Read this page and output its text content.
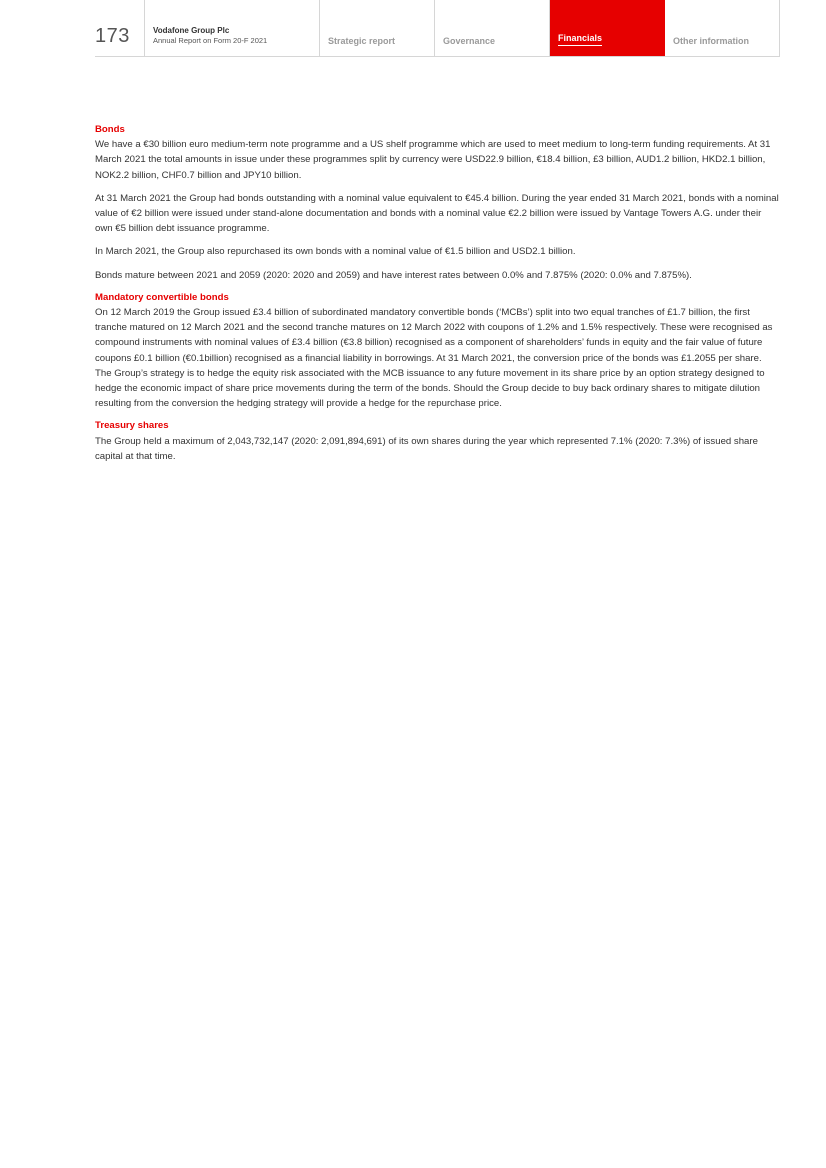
173	Vodafone Group Plc
Annual Report on Form 20-F 2021	Strategic report	Governance	Financials	Other information
Bonds

We have a €30 billion euro medium-term note programme and a US shelf programme which are used to meet medium to long-term funding requirements. At 31 March 2021 the total amounts in issue under these programmes split by currency were USD22.9 billion, €18.4 billion, £3 billion, AUD1.2 billion, HKD2.1 billion, NOK2.2 billion, CHF0.7 billion and JPY10 billion.

At 31 March 2021 the Group had bonds outstanding with a nominal value equivalent to €45.4 billion. During the year ended 31 March 2021, bonds with a nominal value of €2 billion were issued under stand-alone documentation and bonds with a nominal value €2.2 billion were issued by Vantage Towers A.G. under their own €5 billion debt issuance programme.

In March 2021, the Group also repurchased its own bonds with a nominal value of €1.5 billion and USD2.1 billion.

Bonds mature between 2021 and 2059 (2020: 2020 and 2059) and have interest rates between 0.0% and 7.875% (2020: 0.0% and 7.875%).

Mandatory convertible bonds

On 12 March 2019 the Group issued £3.4 billion of subordinated mandatory convertible bonds (‘MCBs’) split into two equal tranches of £1.7 billion, the first tranche matured on 12 March 2021 and the second tranche matures on 12 March 2022 with coupons of 1.2% and 1.5% respectively. These were recognised as compound instruments with nominal values of £3.4 billion (€3.8 billion) recognised as a component of shareholders’ funds in equity and the fair value of future coupons £0.1 billion (€0.1billion) recognised as a financial liability in borrowings. At 31 March 2021, the conversion price of the bonds was £1.2055 per share. The Group’s strategy is to hedge the equity risk associated with the MCB issuance to any future movement in its share price by an option strategy designed to hedge the economic impact of share price movements during the term of the bonds. Should the Group decide to buy back ordinary shares to mitigate dilution resulting from the conversion the hedging strategy will provide a hedge for the repurchase price.

Treasury shares

The Group held a maximum of 2,043,732,147 (2020: 2,091,894,691) of its own shares during the year which represented 7.1% (2020: 7.3%) of issued share capital at that time.
